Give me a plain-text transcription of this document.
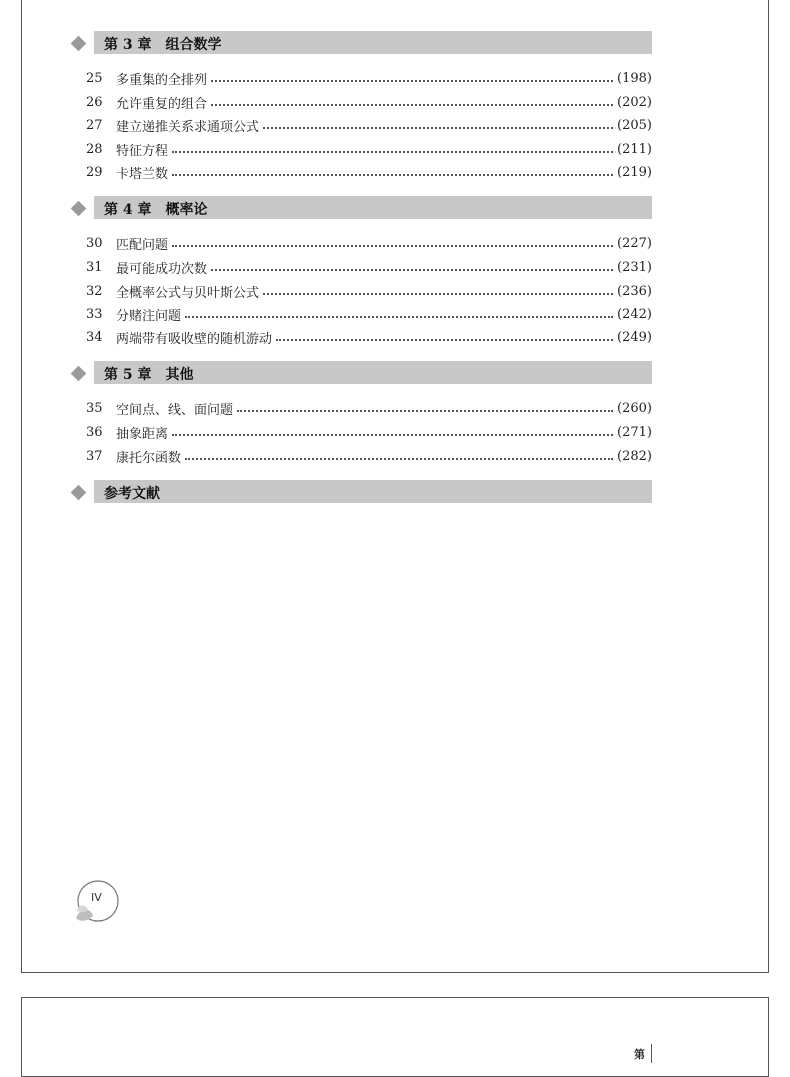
第 3 章　组合数学
25	多重集的全排列	(198)
26	允许重复的组合	(202)
27	建立递推关系求通项公式	(205)
28	特征方程	(211)
29	卡塔兰数	(219)
第 4 章　概率论
30	匹配问题	(227)
31	最可能成功次数	(231)
32	全概率公式与贝叶斯公式	(236)
33	分赌注问题	(242)
34	两端带有吸收壁的随机游动	(249)
第 5 章　其他
35	空间点、线、面问题	(260)
36	抽象距离	(271)
37	康托尔函数	(282)
参考文献
IV
第
